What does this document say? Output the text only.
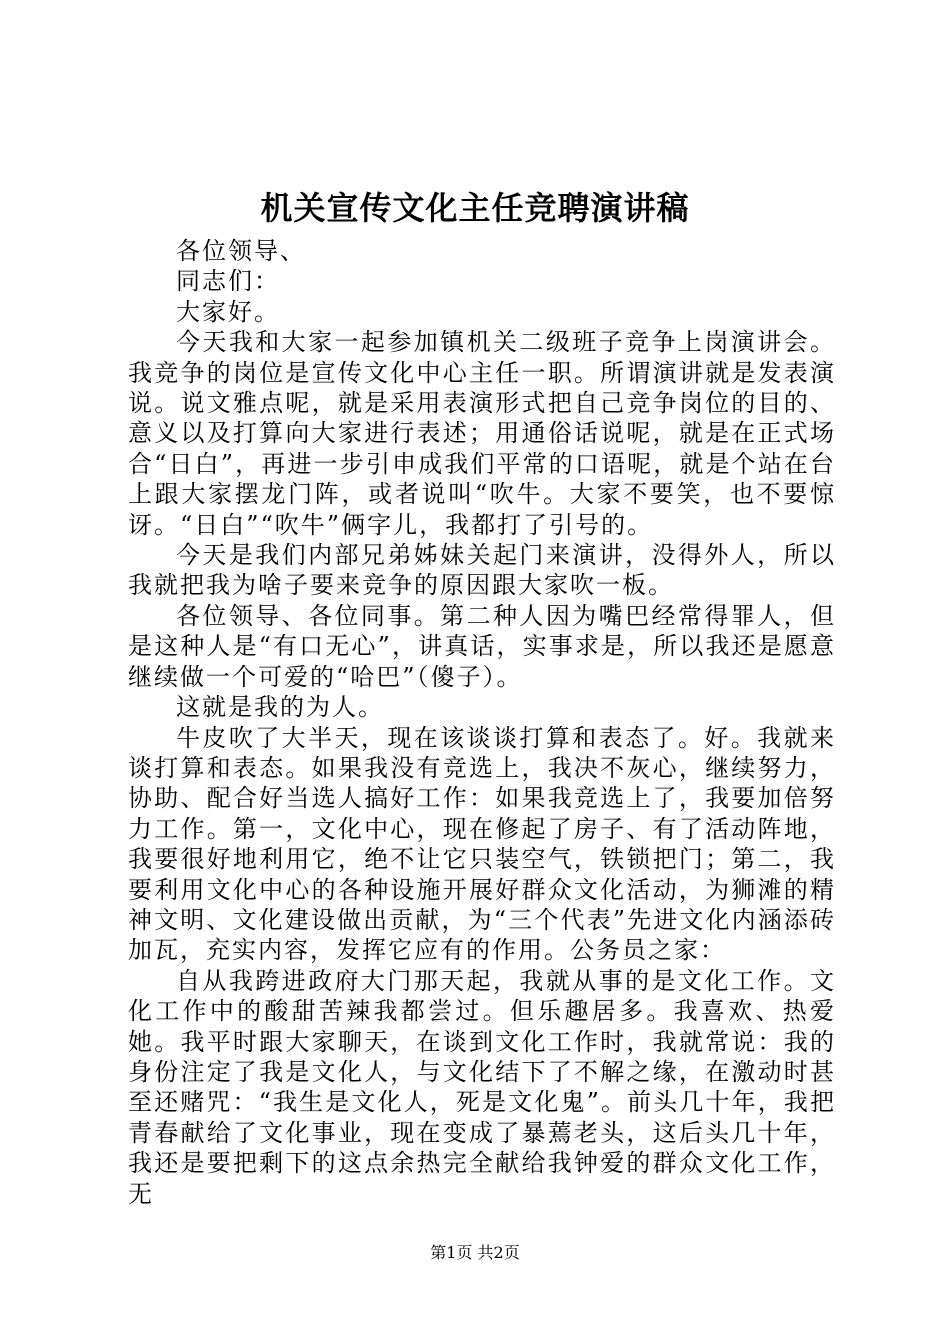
机关宣传文化主任竞聘演讲稿

各位领导、

同志们：

大家好。

今天我和大家一起参加镇机关二级班子竞争上岗演讲会。我竞争的岗位是宣传文化中心主任一职。所谓演讲就是发表演说。说文雅点呢，就是采用表演形式把自己竞争岗位的目的、意义以及打算向大家进行表述；用通俗话说呢，就是在正式场合“日白”，再进一步引申成我们平常的口语呢，就是个站在台上跟大家摆龙门阵，或者说叫“吹牛。大家不要笑，也不要惊讶。“日白”“吹牛”俩字儿，我都打了引号的。

今天是我们内部兄弟姊妹关起门来演讲，没得外人，所以我就把我为啥子要来竞争的原因跟大家吹一板。

各位领导、各位同事。第二种人因为嘴巴经常得罪人，但是这种人是“有口无心”，讲真话，实事求是，所以我还是愿意继续做一个可爱的“哈巴”（傻子）。

这就是我的为人。

牛皮吹了大半天，现在该谈谈打算和表态了。好。我就来谈打算和表态。如果我没有竞选上，我决不灰心，继续努力，协助、配合好当选人搞好工作：如果我竞选上了，我要加倍努力工作。第一，文化中心，现在修起了房子、有了活动阵地，我要很好地利用它，绝不让它只装空气，铁锁把门；第二，我要利用文化中心的各种设施开展好群众文化活动，为狮滩的精神文明、文化建设做出贡献，为“三个代表”先进文化内涵添砖加瓦，充实内容，发挥它应有的作用。公务员之家：

自从我跨进政府大门那天起，我就从事的是文化工作。文化工作中的酸甜苦辣我都尝过。但乐趣居多。我喜欢、热爱她。我平时跟大家聊天，在谈到文化工作时，我就常说：我的身份注定了我是文化人，与文化结下了不解之缘，在激动时甚至还赌咒：“我生是文化人，死是文化鬼”。前头几十年，我把青春献给了文化事业，现在变成了暴蔫老头，这后头几十年，我还是要把剩下的这点余热完全献给我钟爱的群众文化工作，无

第1页 共2页
